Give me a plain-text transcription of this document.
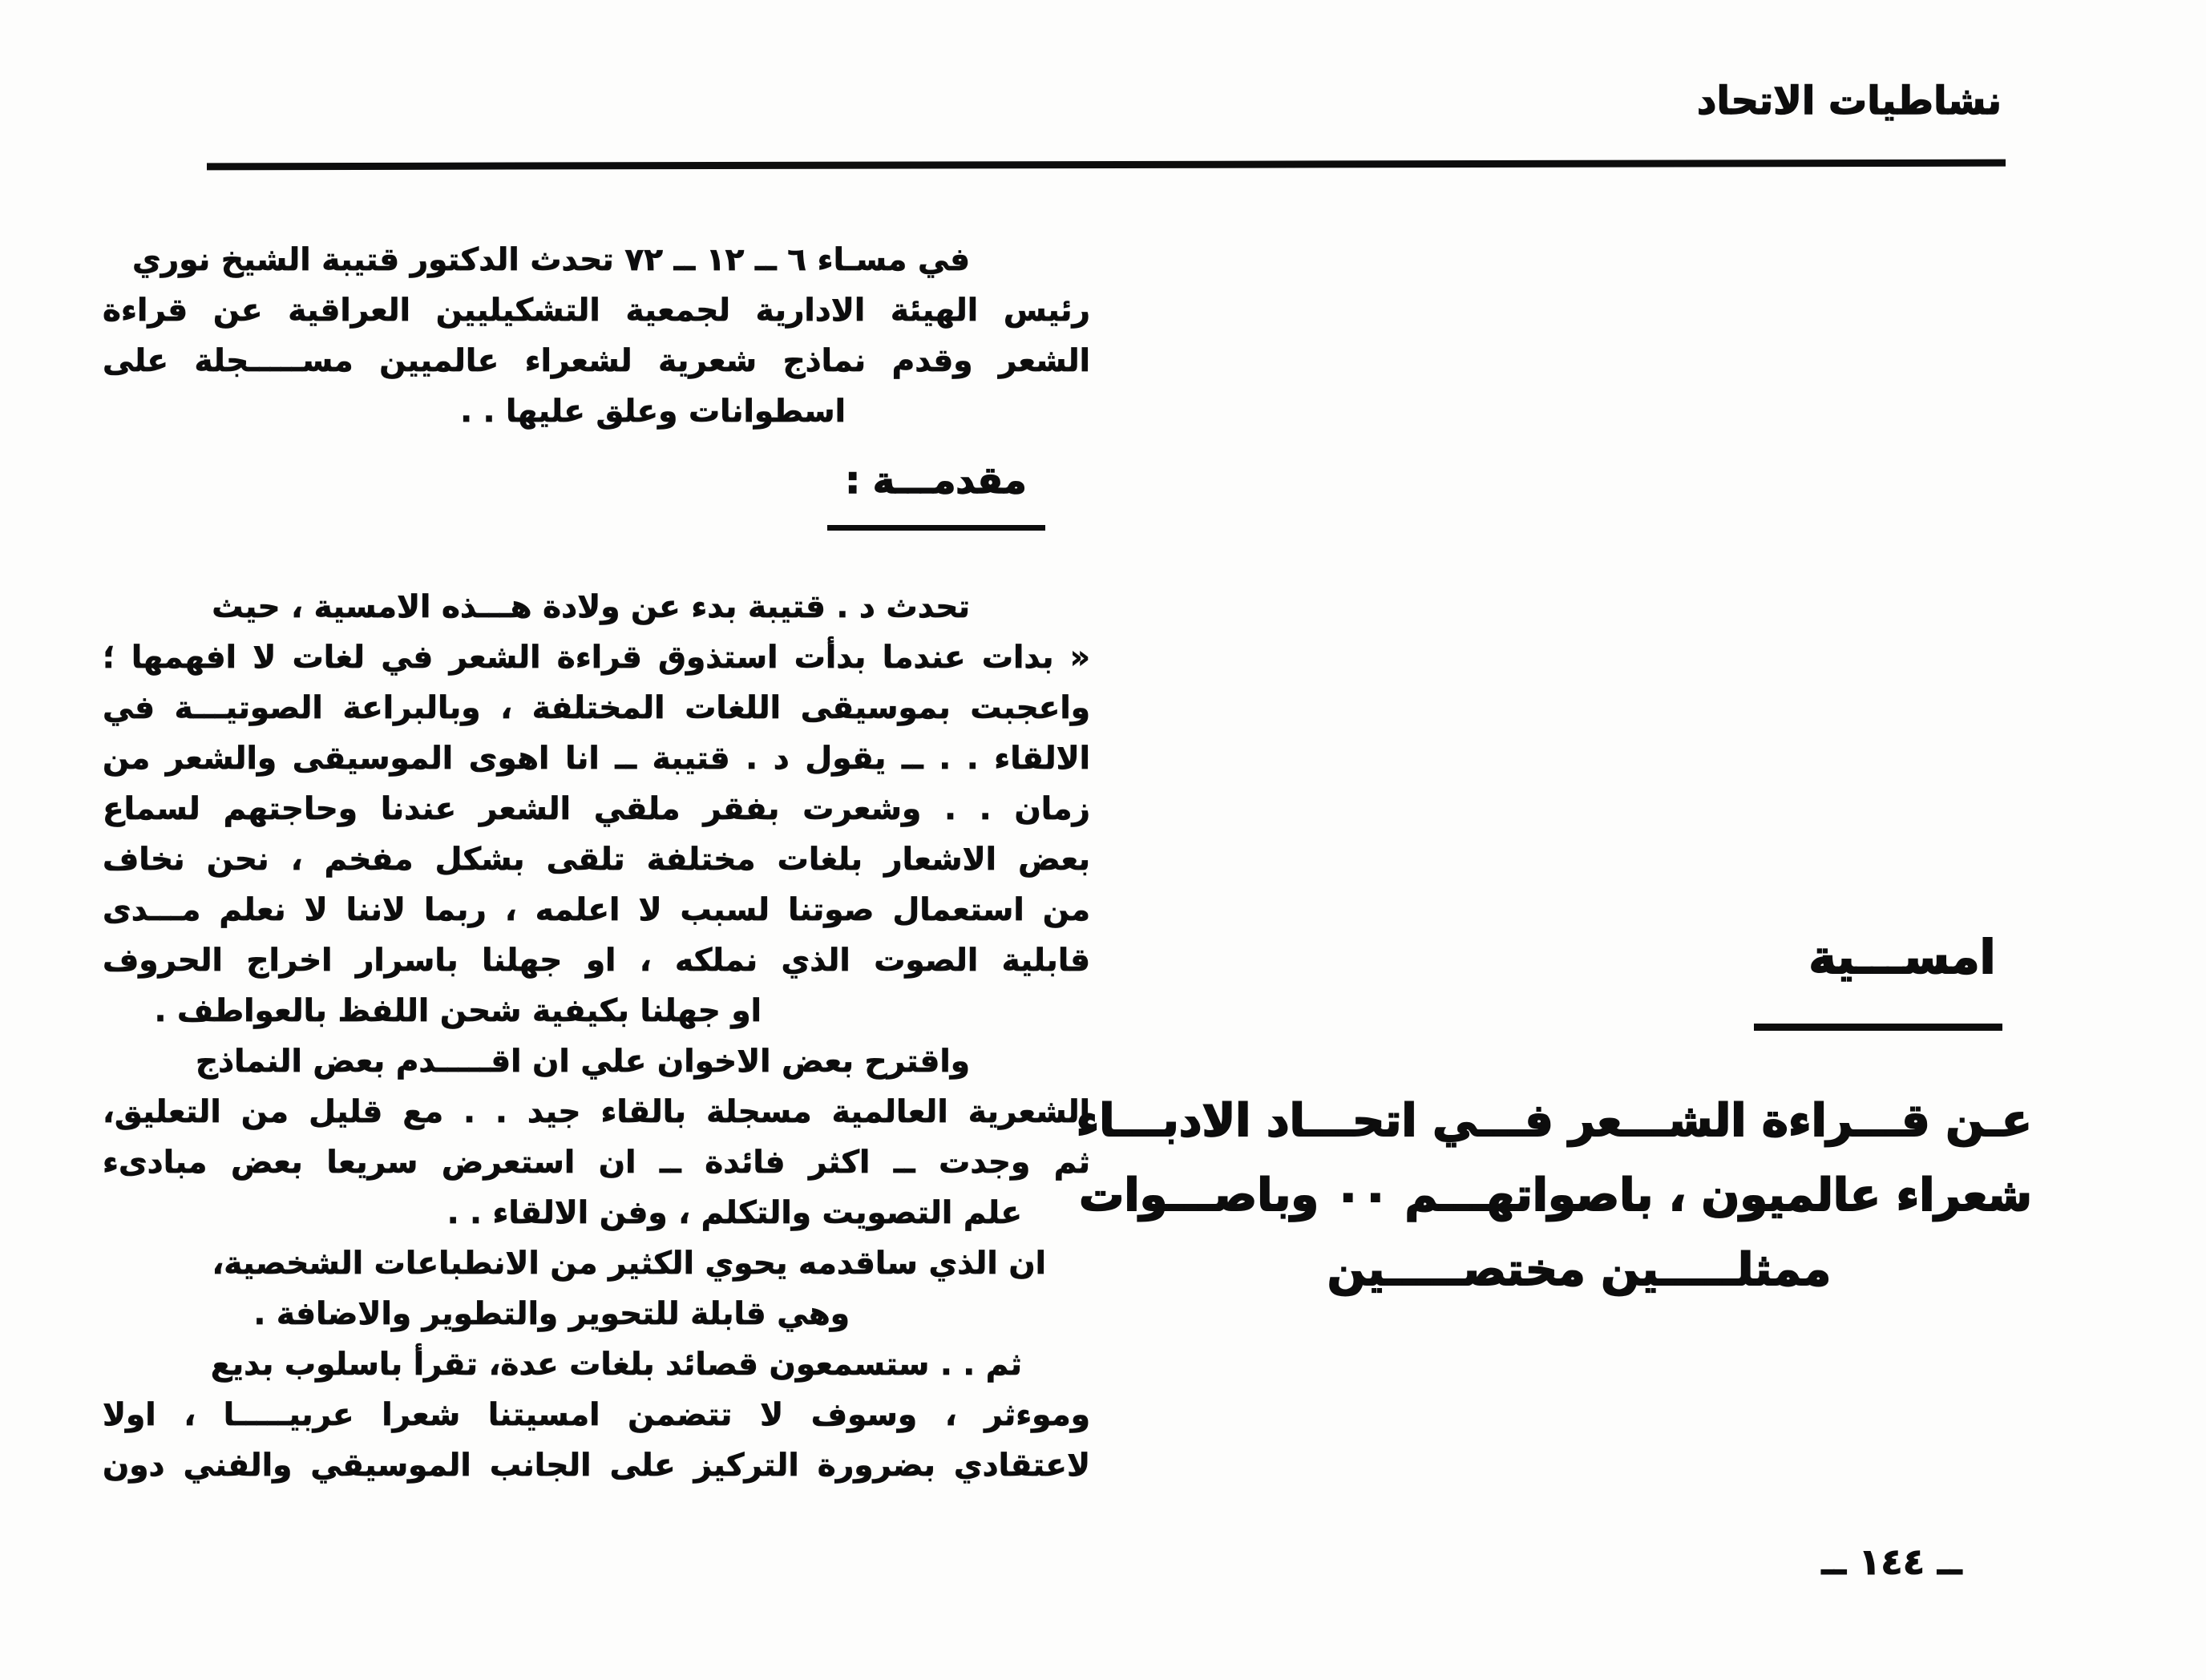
نشاطيات الاتحاد
في مسـاء ٦ ــ ١٢ ــ ٧٢ تحدث الدكتور قتيبة الشيخ نوري
رئيس الهيئة الادارية لجمعية التشكيليين العراقية عن قراءة
الشعر وقدم نماذج شعرية لشعراء عالميين مســـــجلة على
اسطوانات وعلق عليها . .
مقدمـــة :
تحدث د . قتيبة بدء عن ولادة هـــذه الامسية ، حيث
« بدات عندما بدأت استذوق قراءة الشعر في لغات لا افهمها ؛
واعجبت بموسيقى اللغات المختلفة ، وبالبراعة الصوتيـــة في
الالقاء . . ــ يقول د . قتيبة ــ انا اهوى الموسيقى والشعر من
زمان . . وشعرت بفقر ملقي الشعر عندنا وحاجتهم لسماع
بعض الاشعار بلغات مختلفة تلقى بشكل مفخم ، نحن نخاف
من استعمال صوتنا لسبب لا اعلمه ، ربما لاننا لا نعلم مـــدى
قابلية الصوت الذي نملكه ، او جهلنا باسرار اخراج الحروف
او جهلنا بكيفية شحن اللفظ بالعواطف .
واقترح بعض الاخوان علي ان اقـــــدم بعض النماذج
الشعرية العالمية مسجلة بالقاء جيد . . مع قليل من التعليق،
ثم وجدت ــ اكثر فائدة ــ ان استعرض سريعا بعض مبادىء
علم التصويت والتكلم ، وفن الالقاء . .
ان الذي ساقدمه يحوي الكثير من الانطباعات الشخصية،
وهي قابلة للتحوير والتطوير والاضافة .
ثم . . ستسمعون قصائد بلغات عدة، تقرأ باسلوب بديع
وموءثر ، وسوف لا تتضمن امسيتنا شعرا عربيـــــا ، اولا
لاعتقادي بضرورة التركيز على الجانب الموسيقي والفني دون
امســـية
عـن قـــراءة الشـــعر فـــي اتحـــاد الادبـــاء
شعراء عالميون ، باصواتهـــم ٠٠ وباصـــوات
ممثلـــــين مختصـــــين
ــ ١٤٤ ــ
